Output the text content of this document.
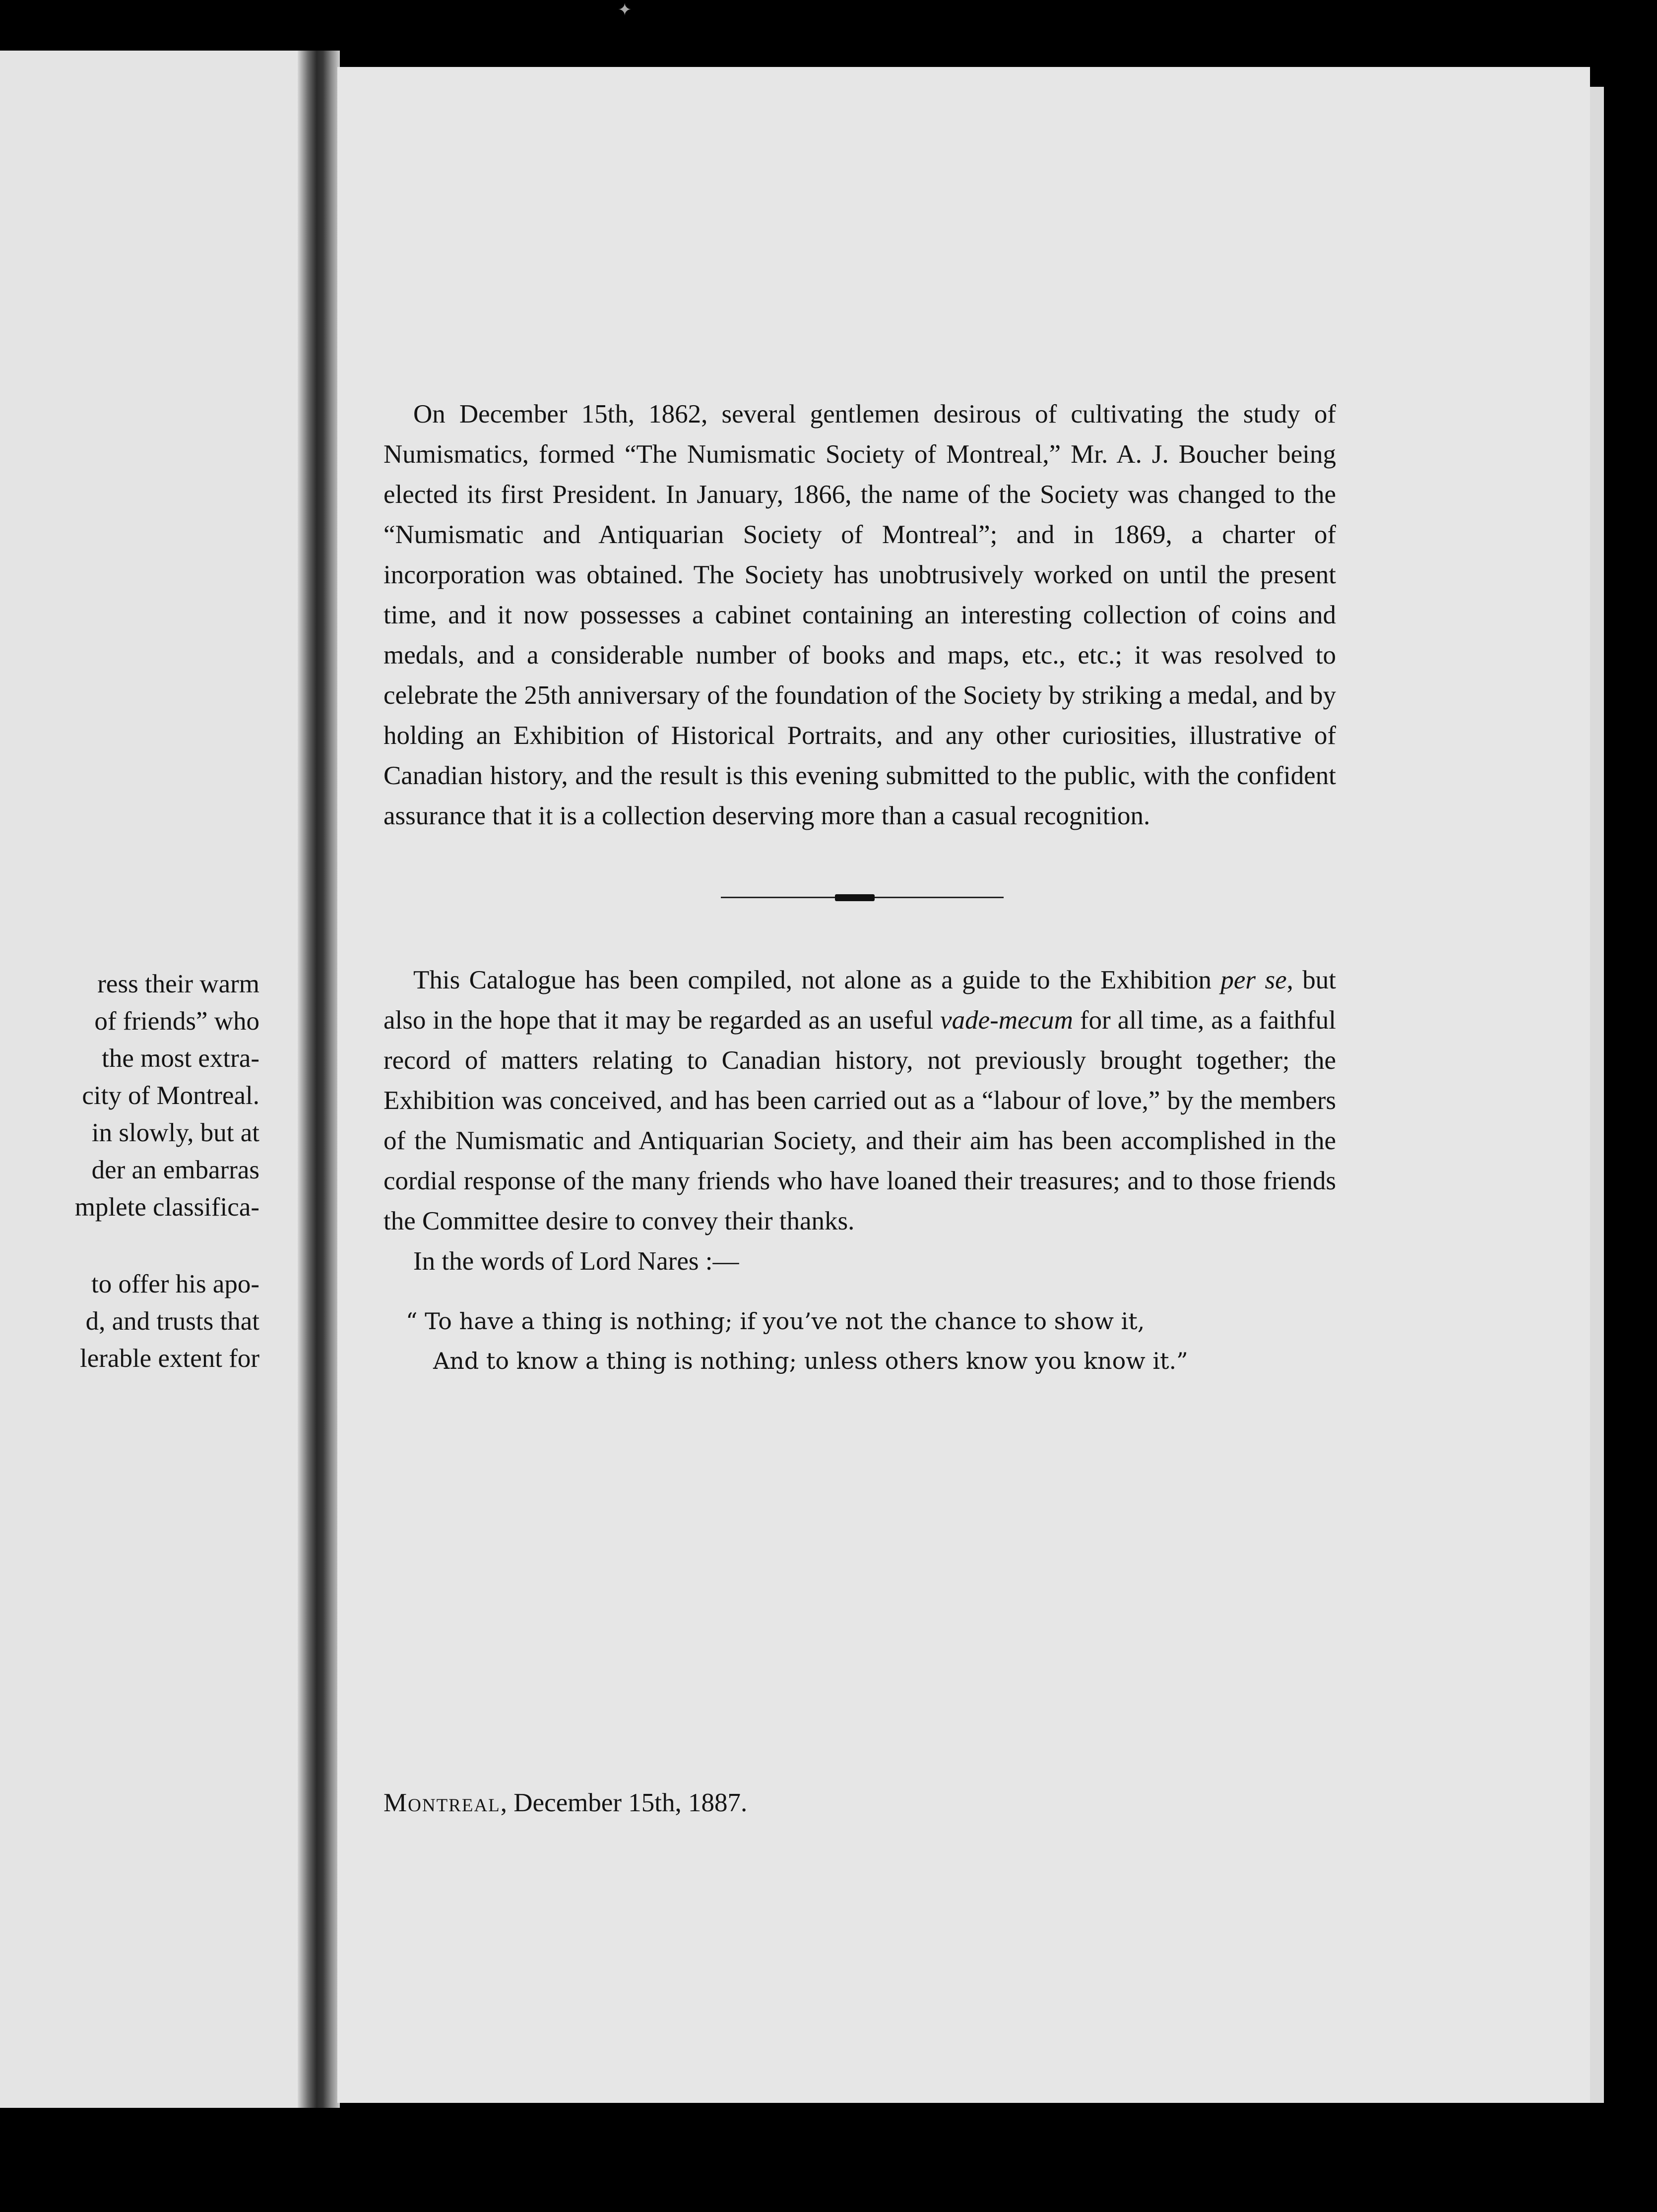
✦
ress their warm
of friends” who
the most extra-
city of Montreal.
in slowly, but at
der an embarras
mplete classifica-
to offer his apo-
d, and trusts that
lerable extent for

On December 15th, 1862, several gentlemen desirous of cultivating the study of Numismatics, formed “The Numismatic Society of Montreal,” Mr. A. J. Boucher being elected its first President. In January, 1866, the name of the Society was changed to the “Numismatic and Antiquarian Society of Montreal”; and in 1869, a charter of incorporation was obtained. The Society has unobtrusively worked on until the present time, and it now possesses a cabinet containing an interesting collection of coins and medals, and a considerable number of books and maps, etc., etc.; it was resolved to celebrate the 25th anniversary of the foundation of the Society by striking a medal, and by holding an Exhibition of Historical Portraits, and any other curiosities, illustrative of Canadian history, and the result is this evening submitted to the public, with the confident assurance that it is a collection deserving more than a casual recognition.

This Catalogue has been compiled, not alone as a guide to the Exhibition per se, but also in the hope that it may be regarded as an useful vade-mecum for all time, as a faithful record of matters relating to Canadian history, not previously brought together; the Exhibition was conceived, and has been carried out as a “labour of love,” by the members of the Numismatic and Antiquarian Society, and their aim has been accomplished in the cordial response of the many friends who have loaned their treasures; and to those friends the Committee desire to convey their thanks.

In the words of Lord Nares :—

“ To have a thing is nothing; if you’ve not the chance to show it,
And to know a thing is nothing; unless others know you know it.”
Montreal, December 15th, 1887.
